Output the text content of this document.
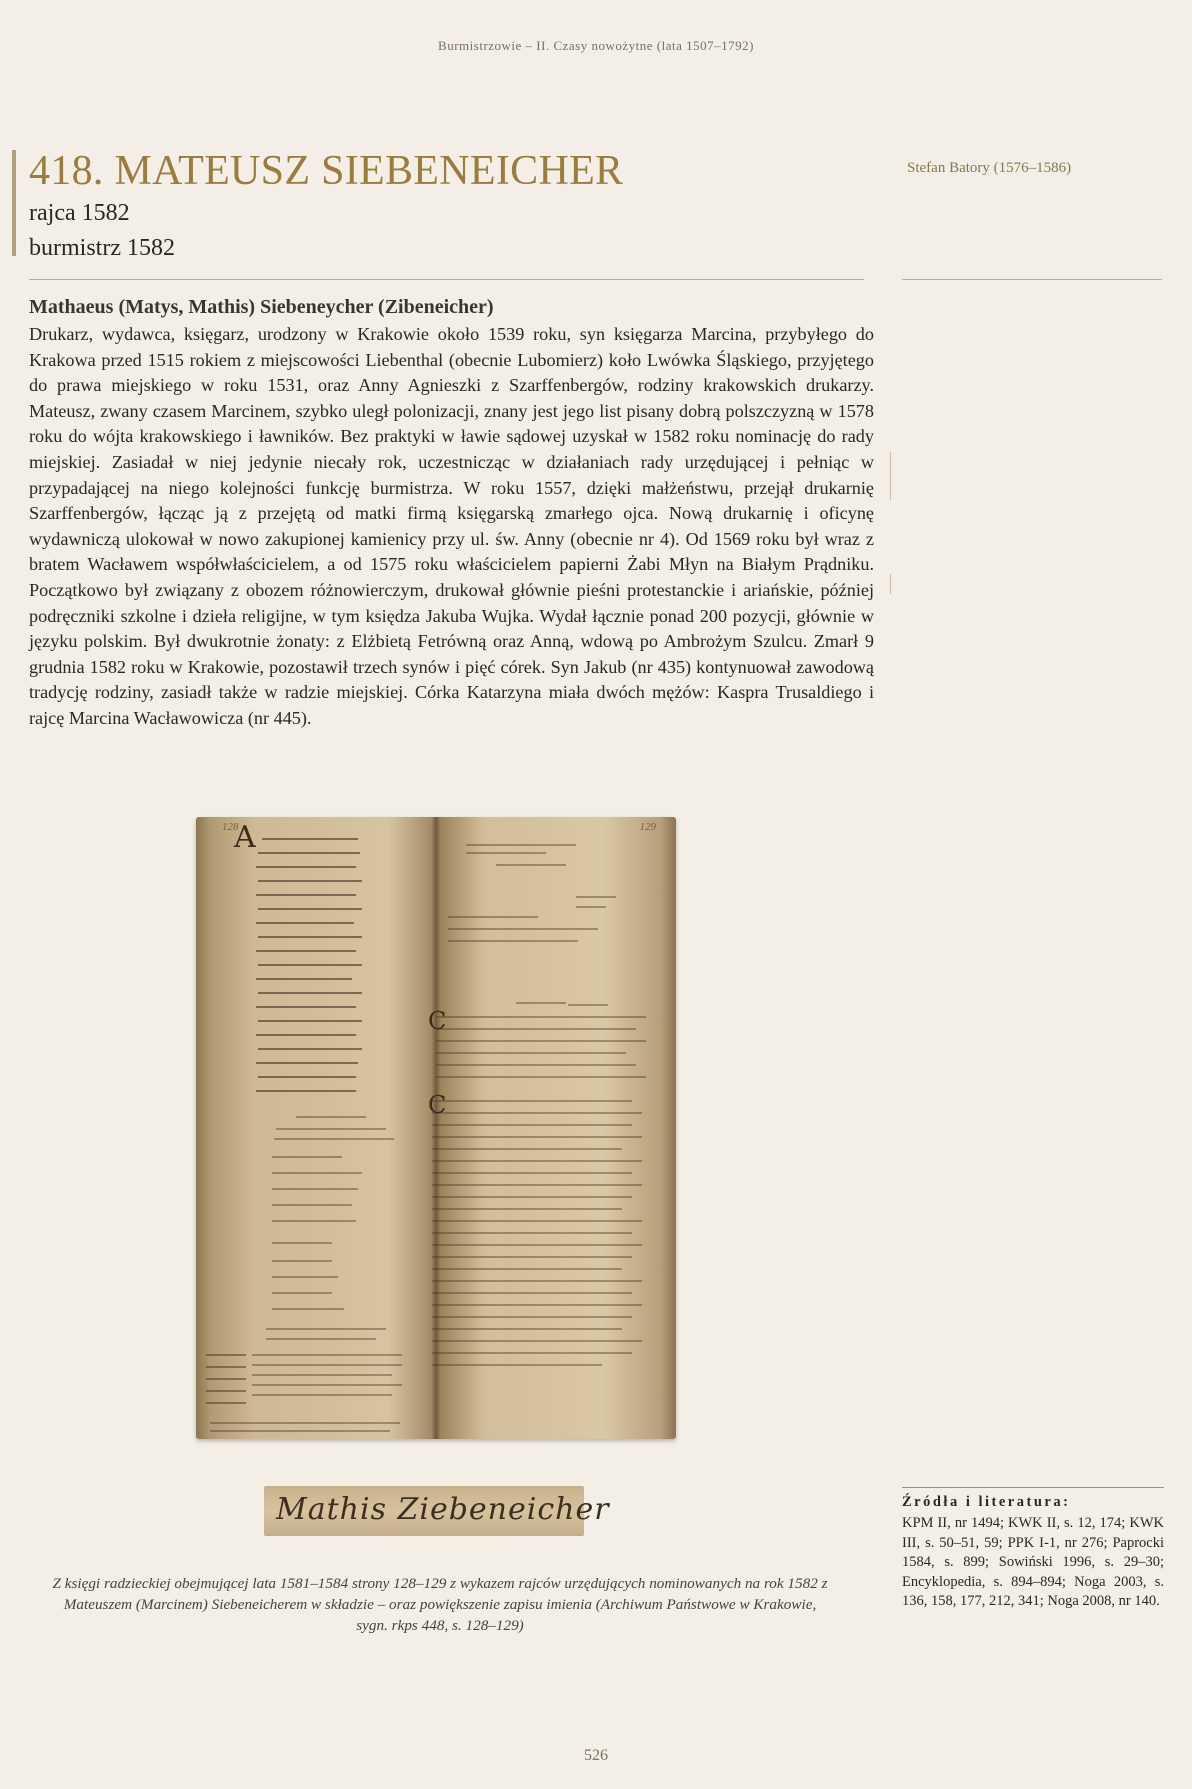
Burmistrzowie – II. Czasy nowożytne (lata 1507–1792)
418. MATEUSZ SIEBENEICHER
rajca 1582
burmistrz 1582
Stefan Batory (1576–1586)
Mathaeus (Matys, Mathis) Siebeneycher (Zibeneicher)

Drukarz, wydawca, księgarz, urodzony w Krakowie około 1539 roku, syn księgarza Marcina, przybyłego do Krakowa przed 1515 rokiem z miejscowości Liebenthal (obecnie Lubomierz) koło Lwówka Śląskiego, przyjętego do prawa miejskiego w roku 1531, oraz Anny Agnieszki z Szarffenbergów, rodziny krakowskich drukarzy. Mateusz, zwany czasem Marcinem, szybko uległ polonizacji, znany jest jego list pisany dobrą polszczyzną w 1578 roku do wójta krakowskiego i ławników. Bez praktyki w ławie sądowej uzyskał w 1582 roku nominację do rady miejskiej. Zasiadał w niej jedynie niecały rok, uczestnicząc w działaniach rady urzędującej i pełniąc w przypadającej na niego kolejności funkcję burmistrza. W roku 1557, dzięki małżeństwu, przejął drukarnię Szarffenbergów, łącząc ją z przejętą od matki firmą księgarską zmarłego ojca. Nową drukarnię i oficynę wydawniczą ulokował w nowo zakupionej kamienicy przy ul. św. Anny (obecnie nr 4). Od 1569 roku był wraz z bratem Wacławem współwłaścicielem, a od 1575 roku właścicielem papierni Żabi Młyn na Białym Prądniku. Początkowo był związany z obozem różnowierczym, drukował głównie pieśni protestanckie i ariańskie, później podręczniki szkolne i dzieła religijne, w tym księdza Jakuba Wujka. Wydał łącznie ponad 200 pozycji, głównie w języku polskim. Był dwukrotnie żonaty: z Elżbietą Fetrówną oraz Anną, wdową po Ambrożym Szulcu. Zmarł 9 grudnia 1582 roku w Krakowie, pozostawił trzech synów i pięć córek. Syn Jakub (nr 435) kontynuował zawodową tradycję rodziny, zasiadł także w radzie miejskiej. Córka Katarzyna miała dwóch mężów: Kaspra Trusaldiego i rajcę Marcina Wacławowicza (nr 445).

A
C
C
128	129
Mathis Ziebeneicher

Z księgi radzieckiej obejmującej lata 1581–1584 strony 128–129 z wykazem rajców urzędujących nominowanych na rok 1582 z Mateuszem (Marcinem) Siebeneicherem w składzie – oraz powiększenie zapisu imienia (Archiwum Państwowe w Krakowie, sygn. rkps 448, s. 128–129)

Źródła i literatura:

KPM II, nr 1494; KWK II, s. 12, 174; KWK III, s. 50–51, 59; PPK I-1, nr 276; Paprocki 1584, s. 899; Sowiński 1996, s. 29–30; Encyklopedia, s. 894–894; Noga 2003, s. 136, 158, 177, 212, 341; Noga 2008, nr 140.

526
